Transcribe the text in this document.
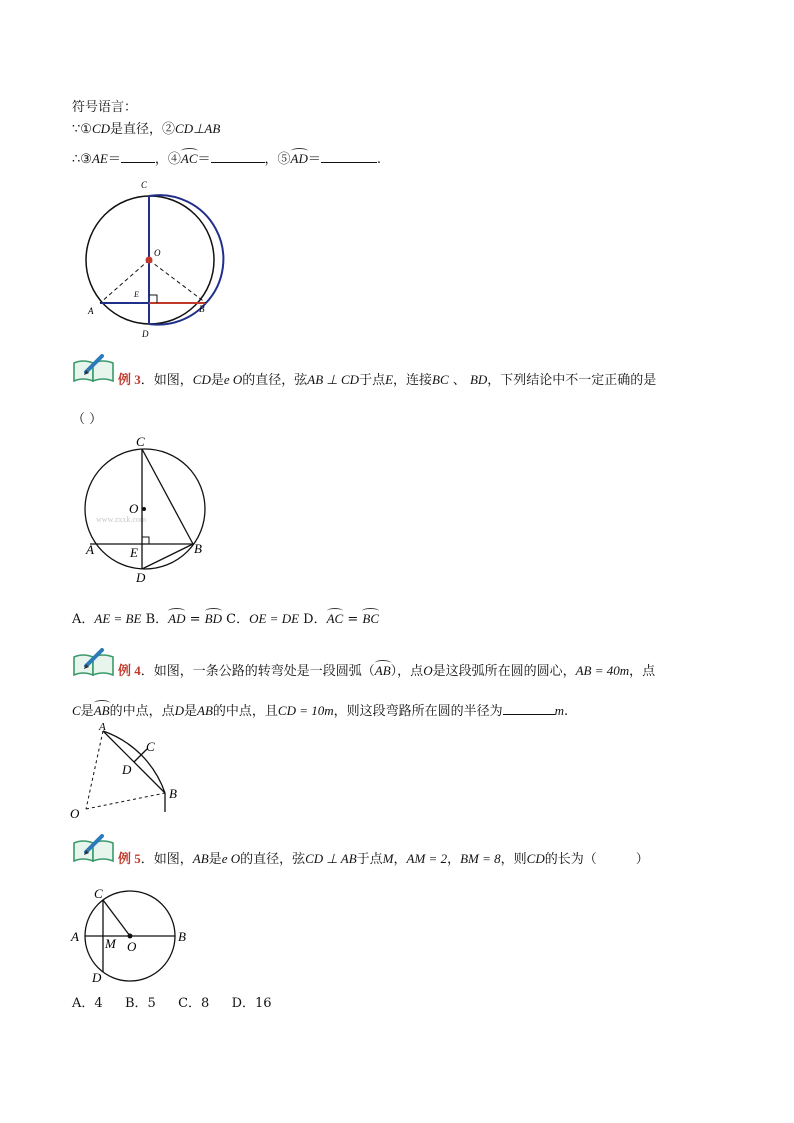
符号语言：
∵①CD是直径，②CD⊥AB
∴③AE＝	，④AC＝	，⑤AD＝	.
C
O
E
A	B
D
例 3．如图，CD是e O的直径，弦AB ⊥ CD于点E，连接BC 、 BD，下列结论中不一定正确的是
（ ）
www.zxxk.com
C
O
A	E	B
D
A．AE = BE B．AD = BD C．OE = DE D．AC = BC
例 4．如图，一条公路的转弯处是一段圆弧（AB），点O是这段弧所在圆的圆心，AB = 40m，点
C是AB的中点，点D是AB的中点，且CD = 10m，则这段弯路所在圆的半径为	m.
A
C
D
O
B
例 5．如图，AB是e O的直径，弦CD ⊥ AB于点M，AM = 2，BM = 8，则CD的长为（　　　）
C
A M O
B
D
A．4 B．5 C．8 D．16
